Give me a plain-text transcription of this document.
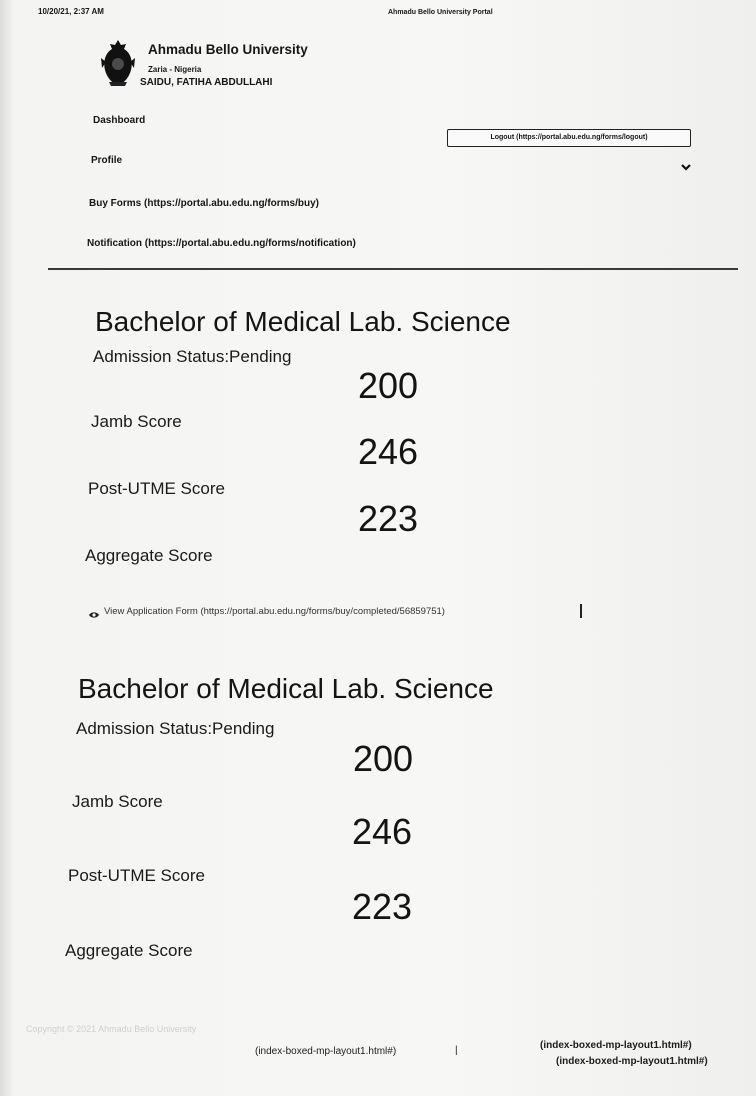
10/20/21, 2:37 AM	Ahmadu Bello University Portal
Ahmadu Bello University
Zaria - Nigeria
SAIDU, FATIHA ABDULLAHI
Dashboard
Profile
Buy Forms (https://portal.abu.edu.ng/forms/buy)
Notification (https://portal.abu.edu.ng/forms/notification)
Logout (https://portal.abu.edu.ng/forms/logout)
Bachelor of Medical Lab. Science
Admission Status:Pending
200
Jamb Score
246
Post-UTME Score
223
Aggregate Score
View Application Form (https://portal.abu.edu.ng/forms/buy/completed/56859751)
Bachelor of Medical Lab. Science
Admission Status:Pending
200
Jamb Score
246
Post-UTME Score
223
Aggregate Score
Copyright © 2021 Ahmadu Bello University
(index-boxed-mp-layout1.html#)	|	(index-boxed-mp-layout1.html#)
(index-boxed-mp-layout1.html#)
